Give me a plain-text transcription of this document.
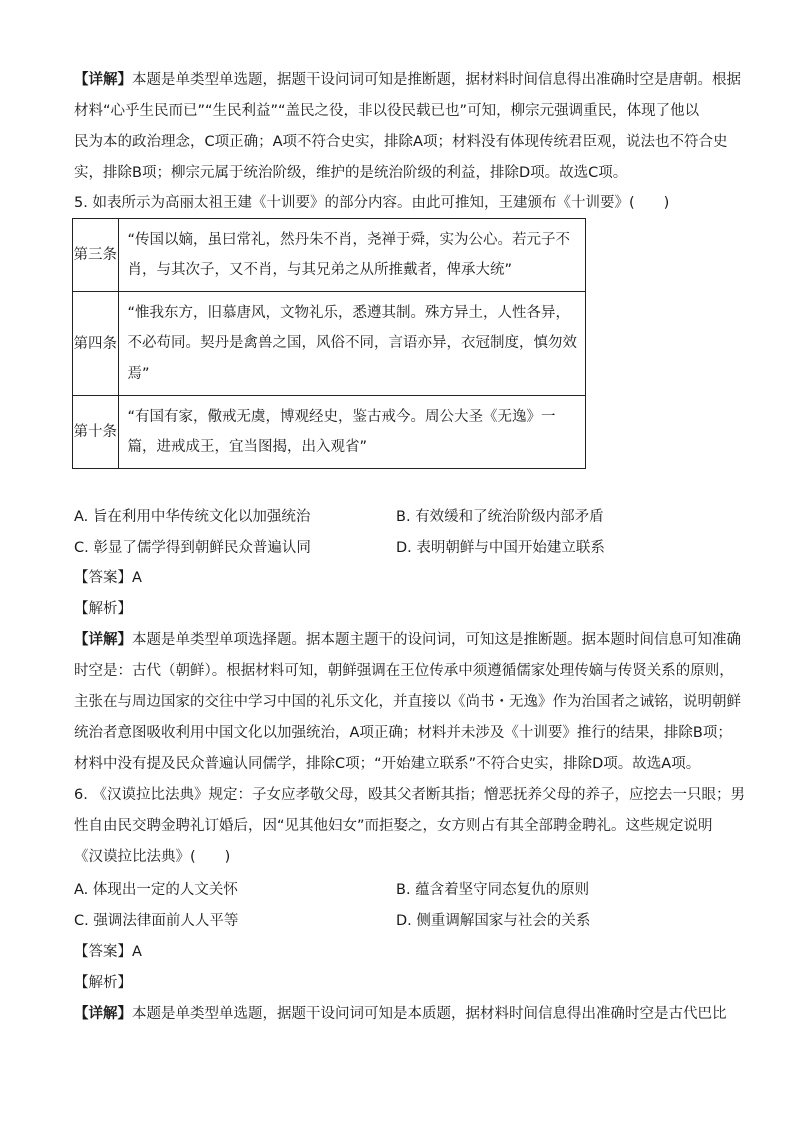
【详解】本题是单类型单选题，据题干设问词可知是推断题，据材料时间信息得出准确时空是唐朝。根据
材料“心乎生民而已”“生民利益”“盖民之役，非以役民载已也”可知，柳宗元强调重民，体现了他以
民为本的政治理念，C项正确；A项不符合史实，排除A项；材料没有体现传统君臣观，说法也不符合史
实，排除B项；柳宗元属于统治阶级，维护的是统治阶级的利益，排除D项。故选C项。
5. 如表所示为高丽太祖王建《十训要》的部分内容。由此可推知，王建颁布《十训要》(　　)
第三条	“传国以嫡，虽曰常礼，然丹朱不肖，尧禅于舜，实为公心。若元子不
肖，与其次子，又不肖，与其兄弟之从所推戴者，俾承大统”

第四条	“惟我东方，旧慕唐风，文物礼乐，悉遵其制。殊方异土，人性各异，
不必苟同。契丹是禽兽之国，风俗不同，言语亦异，衣冠制度，慎勿效
焉”

第十条	“有国有家，儆戒无虞，博观经史，鉴古戒今。周公大圣《无逸》一
篇，进戒成王，宜当图揭，出入观省”
A. 旨在利用中华传统文化以加强统治	B. 有效缓和了统治阶级内部矛盾
C. 彰显了儒学得到朝鲜民众普遍认同	D. 表明朝鲜与中国开始建立联系
【答案】A
【解析】
【详解】本题是单类型单项选择题。据本题主题干的设问词，可知这是推断题。据本题时间信息可知准确
时空是：古代（朝鲜）。根据材料可知，朝鲜强调在王位传承中须遵循儒家处理传嫡与传贤关系的原则，
主张在与周边国家的交往中学习中国的礼乐文化，并直接以《尚书・无逸》作为治国者之诫铭，说明朝鲜
统治者意图吸收利用中国文化以加强统治，A项正确；材料并未涉及《十训要》推行的结果，排除B项；
材料中没有提及民众普遍认同儒学，排除C项；“开始建立联系”不符合史实，排除D项。故选A项。
6. 《汉谟拉比法典》规定：子女应孝敬父母，殴其父者断其指；憎恶抚养父母的养子，应挖去一只眼；男
性自由民交聘金聘礼订婚后，因“见其他妇女”而拒娶之，女方则占有其全部聘金聘礼。这些规定说明
《汉谟拉比法典》(　　)
A. 体现出一定的人文关怀	B. 蕴含着坚守同态复仇的原则
C. 强调法律面前人人平等	D. 侧重调解国家与社会的关系
【答案】A
【解析】
【详解】本题是单类型单选题，据题干设问词可知是本质题，据材料时间信息得出准确时空是古代巴比
